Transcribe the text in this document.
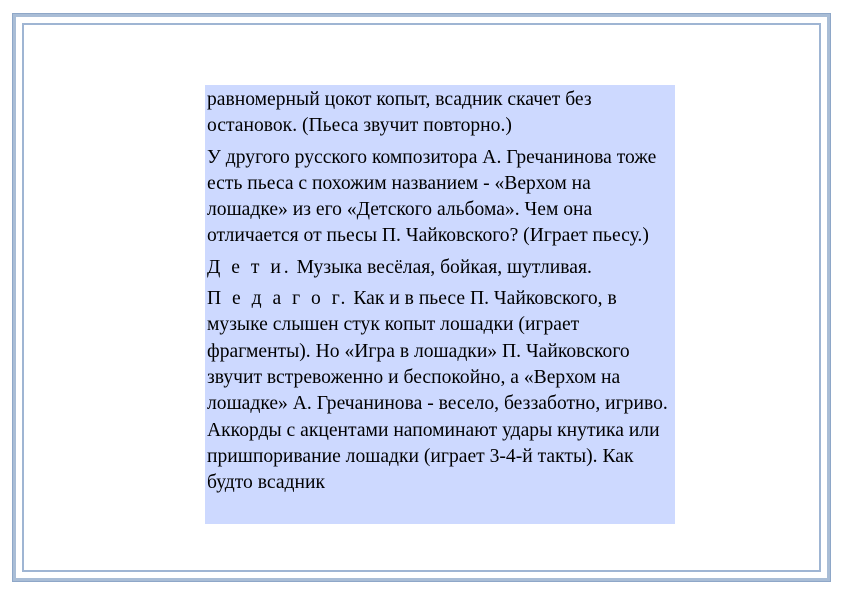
равномерный цокот копыт, всадник скачет без остановок. (Пьеса звучит повторно.)

У другого русского композитора А. Гречанинова тоже есть пьеса с похожим названием - «Верхом на лошадке» из его «Детского альбома». Чем она отличается от пьесы П. Чайковского? (Играет пьесу.)

Д е т и. Музыка весёлая, бойкая, шутливая.

П е д а г о г. Как и в пьесе П. Чайковского, в музыке слышен стук копыт лошадки (играет фрагменты). Но «Игра в лошадки» П. Чайковского звучит встревоженно и беспокойно, а «Верхом на лошадке» А. Гречанинова - весело, беззаботно, игриво. Аккорды с акцентами напоминают удары кнутика или пришпоривание лошадки (играет 3-4-й такты). Как будто всадник
